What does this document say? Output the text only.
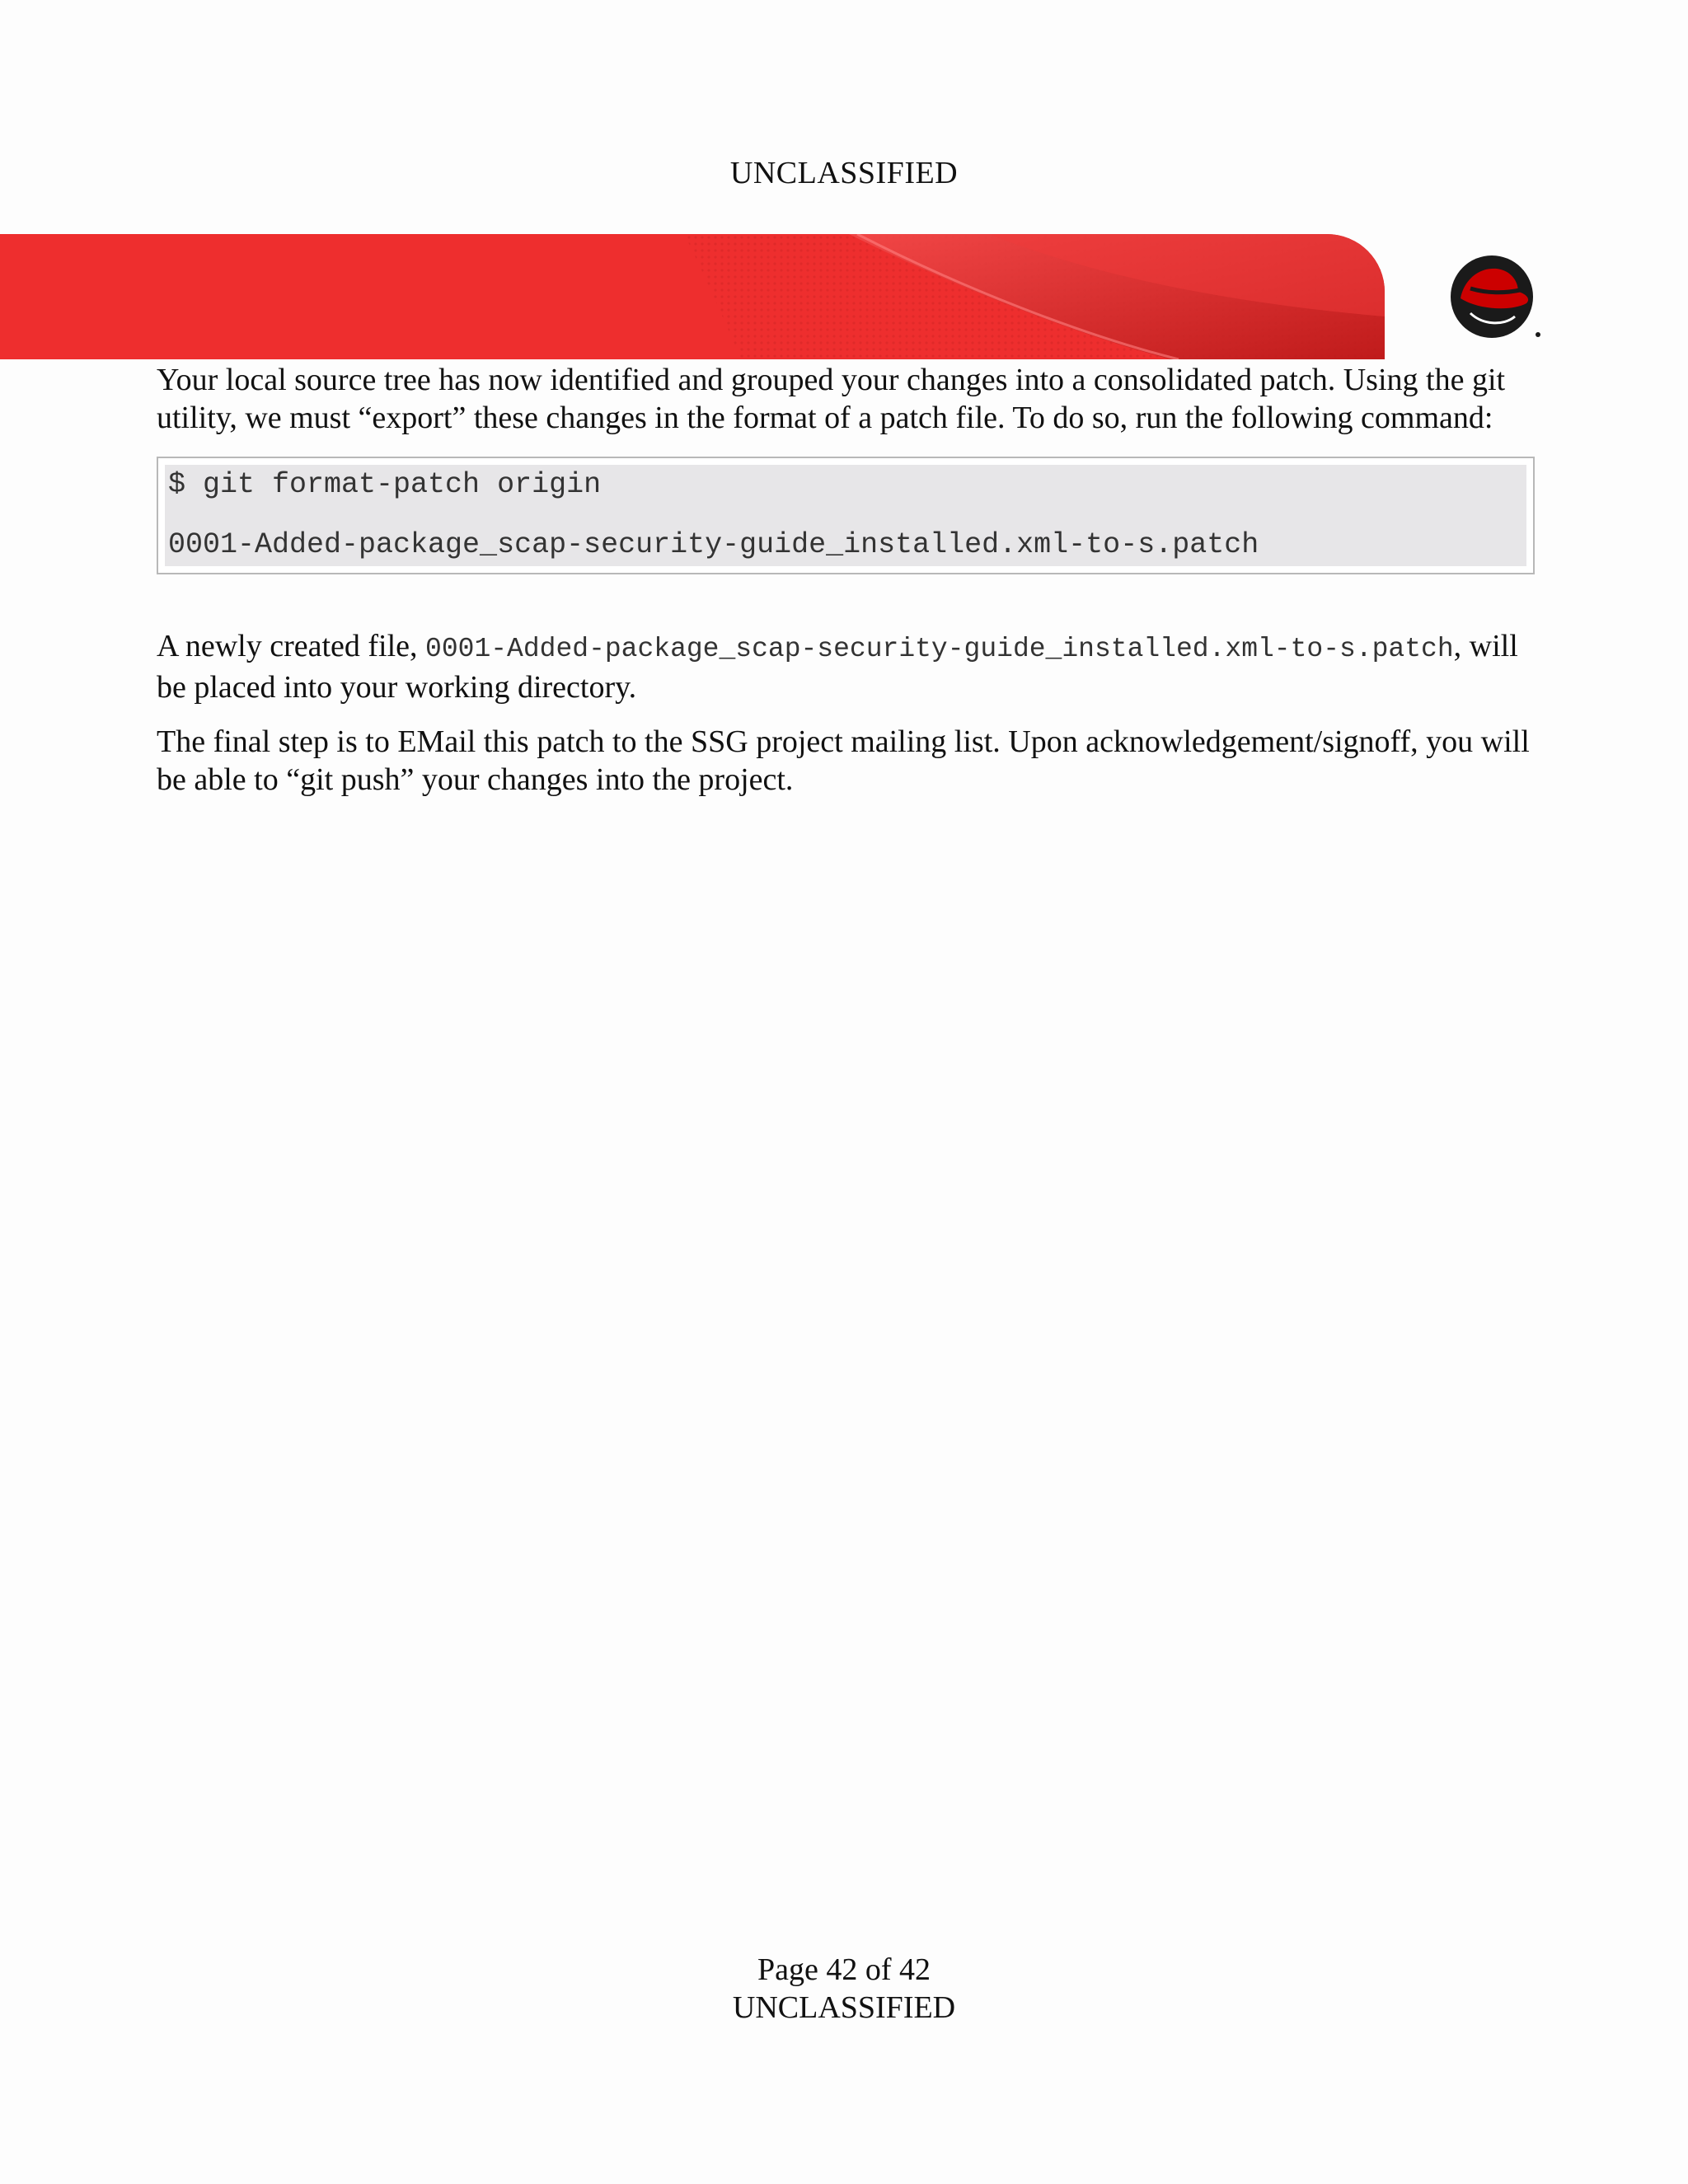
UNCLASSIFIED

Your local source tree has now identified and grouped your changes into a consolidated patch. Using the git utility, we must “export” these changes in the format of a patch file. To do so, run the following command:

$ git format-patch origin
0001-Added-package_scap-security-guide_installed.xml-to-s.patch

A newly created file, 0001-Added-package_scap-security-guide_installed.xml-to-s.patch, will be placed into your working directory.

The final step is to EMail this patch to the SSG project mailing list. Upon acknowledgement/signoff, you will be able to “git push” your changes into the project.

Page 42 of 42
UNCLASSIFIED
